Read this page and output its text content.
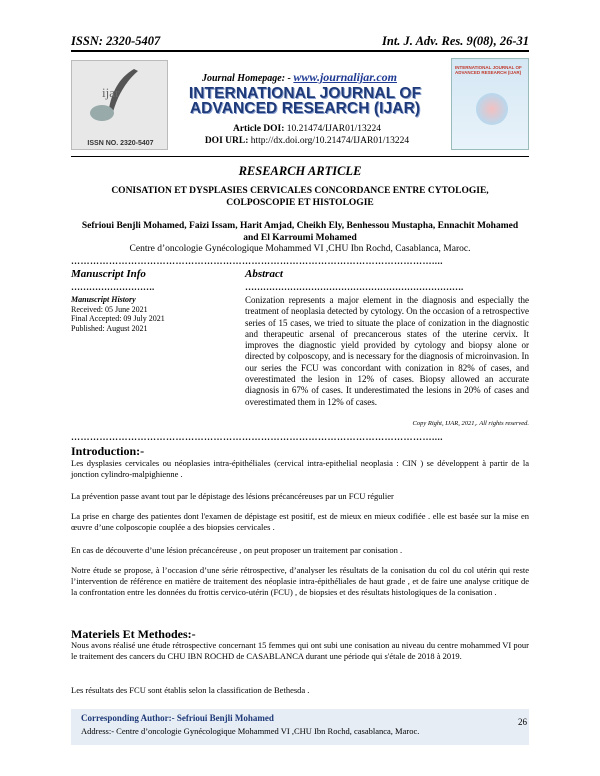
ISSN: 2320-5407	Int. J. Adv. Res. 9(08), 26-31
ijar
ISSN NO. 2320-5407
Journal Homepage: - www.journalijar.com
INTERNATIONAL JOURNAL OF
ADVANCED RESEARCH (IJAR)
Article DOI: 10.21474/IJAR01/13224
DOI URL: http://dx.doi.org/10.21474/IJAR01/13224
INTERNATIONAL JOURNAL OF ADVANCED RESEARCH (IJAR)
RESEARCH ARTICLE
CONISATION ET DYSPLASIES CERVICALES CONCORDANCE ENTRE CYTOLOGIE,
COLPOSCOPIE ET HISTOLOGIE
Sefrioui Benjli Mohamed, Faizi Issam, Harit Amjad, Cheikh Ely, Benhessou Mustapha, Ennachit Mohamed
and El Karroumi Mohamed
Centre d’oncologie Gynécologique Mohammed VI ,CHU Ibn Rochd, Casablanca, Maroc.
……………………………………………………………………………………………………....
Manuscript Info	Abstract
……………………….	……………………………………………………………….
Manuscript History
Received: 05 June 2021
Final Accepted: 09 July 2021
Published: August 2021
Conization represents a major element in the diagnosis and especially the treatment of neoplasia detected by cytology. On the occasion of a retrospective series of 15 cases, we tried to situate the place of conization in the diagnostic and therapeutic arsenal of precancerous states of the uterine cervix. It improves the diagnostic yield provided by cytology and biopsy alone or directed by colposcopy, and is necessary for the diagnosis of microinvasion. In our series the FCU was concordant with conization in 82% of cases, and overestimated the lesion in 12% of cases. Biopsy allowed an accurate diagnosis in 67% of cases. It underestimated the lesions in 20% of cases and overestimated them in 12% of cases.
Copy Right, IJAR, 2021,. All rights reserved.
……………………………………………………………………………………………………....
Introduction:-
Les dysplasies cervicales ou néoplasies intra-épithéliales (cervical intra-epithelial neoplasia : CIN ) se développent à partir de la jonction cylindro-malpighienne .
La prévention passe avant tout par le dépistage des lésions précancéreuses par un FCU régulier
La prise en charge des patientes dont l'examen de dépistage est positif, est de mieux en mieux codifiée . elle est basée sur la mise en œuvre d’une colposcopie couplée a des biopsies cervicales .
En cas de découverte d’une lésion précancéreuse , on peut proposer un traitement par conisation .
Notre étude se propose, à l’occasion d’une série rétrospective, d’analyser les résultats de la conisation du col du col utérin qui reste l’intervention de référence en matière de traitement des néoplasie intra-épithéliales de haut grade , et de faire une analyse critique de la confrontation entre les données du frottis cervico-utérin (FCU) , de biopsies et des résultats histologiques de la conisation .
Materiels Et Methodes:-
Nous avons réalisé une étude rétrospective concernant 15 femmes qui ont subi une conisation au niveau du centre mohammed VI pour le traitement des cancers du CHU IBN ROCHD de CASABLANCA durant une période qui s'étale de 2018 à 2019.
Les résultats des FCU sont établis selon la classification de Bethesda .
Corresponding Author:- Sefrioui Benjli Mohamed
Address:- Centre d’oncologie Gynécologique Mohammed VI ,CHU Ibn Rochd, casablanca, Maroc.
26
